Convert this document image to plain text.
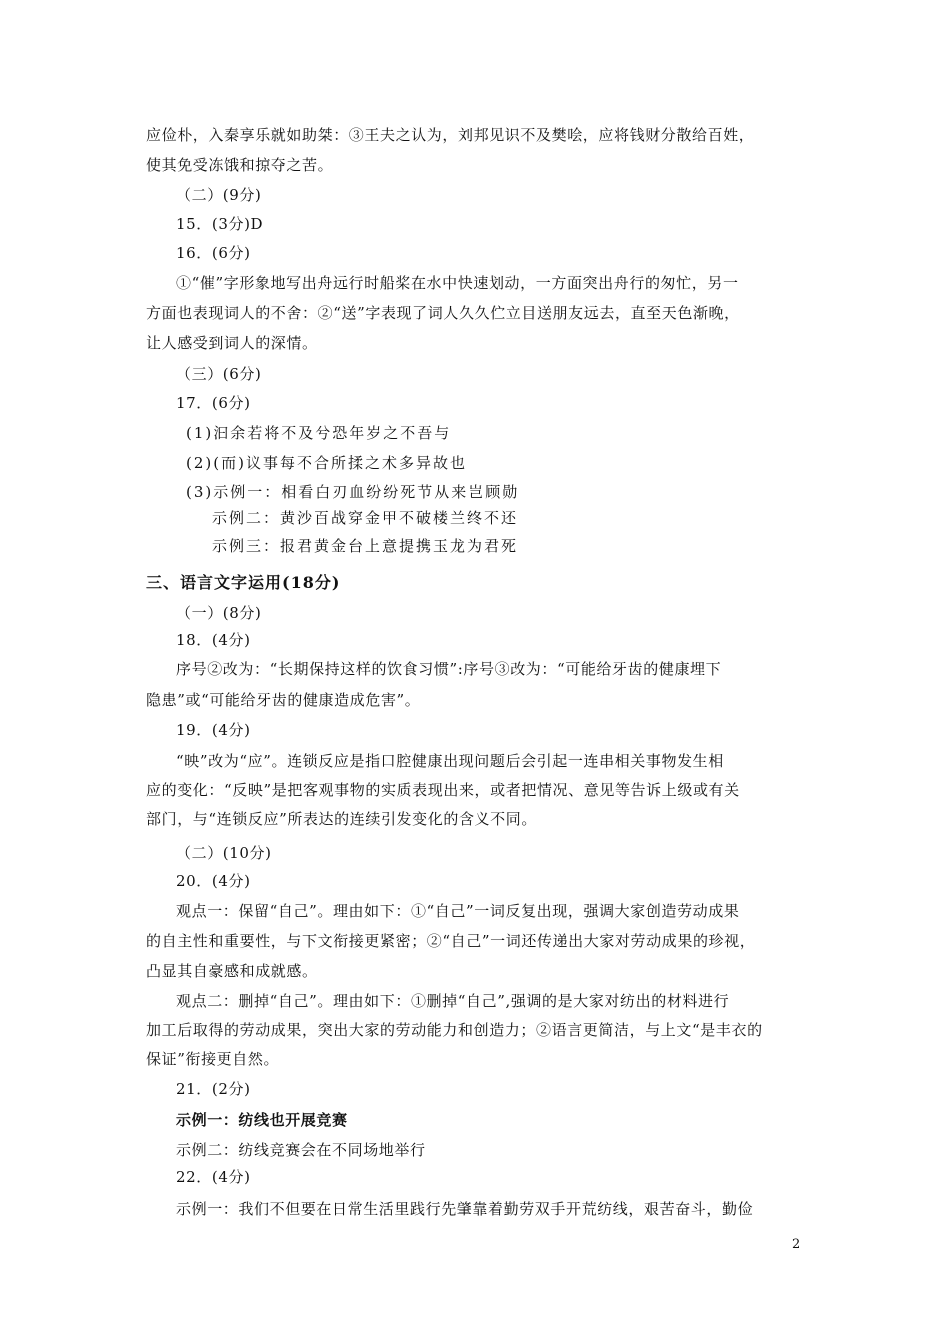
应俭朴，入秦享乐就如助桀：③王夫之认为，刘邦见识不及樊哙，应将钱财分散给百姓，
使其免受冻饿和掠夺之苦。
（二）(9分)
15．(3分)D
16．(6分)
①“催”字形象地写出舟远行时船桨在水中快速划动，一方面突出舟行的匆忙，另一
方面也表现词人的不舍：②“送”字表现了词人久久伫立目送朋友远去，直至天色渐晚，
让人感受到词人的深情。
（三）(6分)
17．(6分)
(1)汩余若将不及兮恐年岁之不吾与
(2)(而)议事每不合所揉之术多异故也
(3)示例一：相看白刃血纷纷死节从来岂顾勋
示例二：黄沙百战穿金甲不破楼兰终不还
示例三：报君黄金台上意提携玉龙为君死
三、语言文字运用(18分)
（一）(8分)
18．(4分)
序号②改为：“长期保持这样的饮食习惯”:序号③改为：“可能给牙齿的健康埋下
隐患”或“可能给牙齿的健康造成危害”。
19．(4分)
“映”改为“应”。连锁反应是指口腔健康出现问题后会引起一连串相关事物发生相
应的变化：“反映”是把客观事物的实质表现出来，或者把情况、意见等告诉上级或有关
部门，与“连锁反应”所表达的连续引发变化的含义不同。
（二）(10分)
20．(4分)
观点一：保留“自己”。理由如下：①“自己”一词反复出现，强调大家创造劳动成果
的自主性和重要性，与下文衔接更紧密；②“自己”一词还传递出大家对劳动成果的珍视，
凸显其自豪感和成就感。
观点二：删掉“自己”。理由如下：①删掉“自己”,强调的是大家对纺出的材料进行
加工后取得的劳动成果，突出大家的劳动能力和创造力；②语言更简洁，与上文“是丰衣的
保证”衔接更自然。
21．(2分)
示例一：纺线也开展竞赛
示例二：纺线竞赛会在不同场地举行
22．(4分)
示例一：我们不但要在日常生活里践行先肇靠着勤劳双手开荒纺线，艰苦奋斗，勤俭
2
